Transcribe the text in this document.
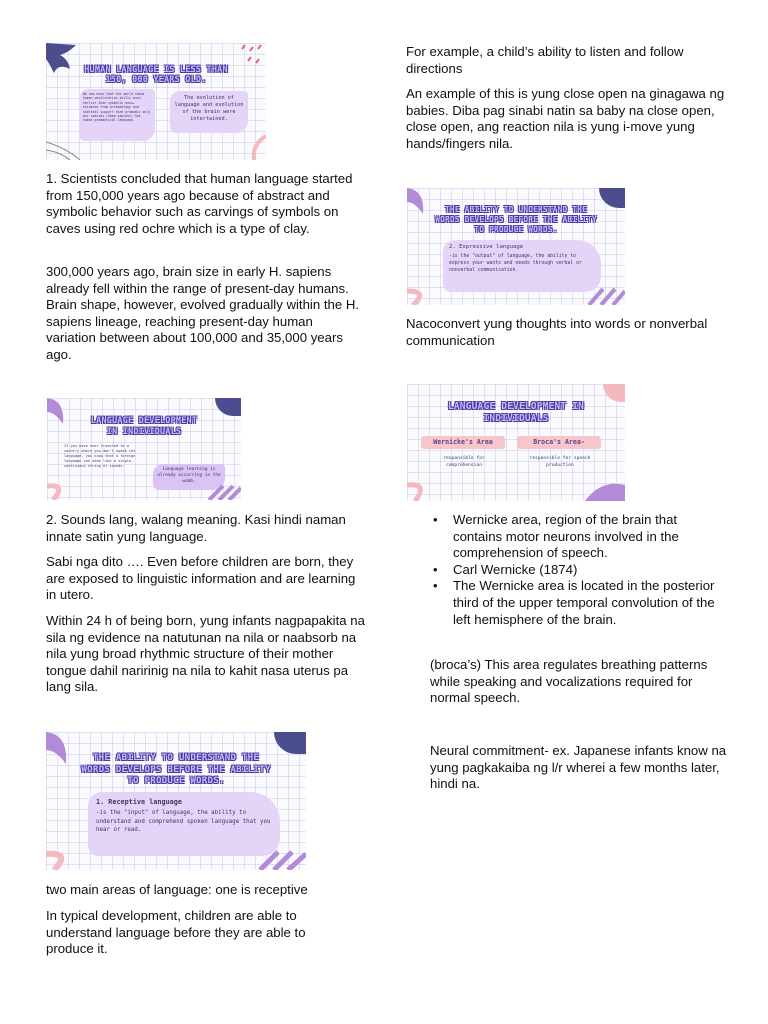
HUMAN LANGUAGE IS LESS THAN 150, 000 YEARS OLD.
We now know that the world shows human vocalization skills much earlier than symbolic ones… evidence from archaeology and skeletal support that probably only our species (Homo sapiens) has human grammatical language.
The evolution of language and evolution of the brain were intertwined.
LANGUAGE DEVELOPMENT IN INDIVIDUALS
If you have ever traveled to a country where you don't speak the language, you know that a foreign language can seem like a single, continuous string of sounds.
Language learning is already occurring in the womb.
THE ABILITY TO UNDERSTAND THE WORDS DEVELOPS BEFORE THE ABILITY TO PRODUCE WORDS.
1. Receptive language
-is the "input" of language, the ability to understand and comprehend spoken language that you hear or read.
THE ABILITY TO UNDERSTAND THE WORDS DEVELOPS BEFORE THE ABILITY TO PRODUCE WORDS.
2. Expressive language
-is the "output" of language, the ability to express your wants and needs through verbal or nonverbal communication.
LANGUAGE DEVELOPMENT IN INDIVIDUALS
Wernicke's Area	Broca's Area-
responsible for comprehension
responsible for speech production

1. Scientists concluded that human language started from 150,000 years ago because of abstract and symbolic behavior such as carvings of symbols on caves using red ochre which is a type of clay.

300,000 years ago, brain size in early H. sapiens already fell within the range of present-day humans. Brain shape, however, evolved gradually within the H. sapiens lineage, reaching present-day human variation between about 100,000 and 35,000 years ago.

2. Sounds lang, walang meaning. Kasi hindi naman innate satin yung language.

Sabi nga dito …. Even before children are born, they are exposed to linguistic information and are learning in utero.

Within 24 h of being born, yung infants nagpapakita na sila ng evidence na natutunan na nila or naabsorb na nila yung broad rhythmic structure of their mother tongue dahil naririnig na nila to kahit nasa uterus pa lang sila.

two main areas of language: one is receptive

In typical development, children are able to understand language before they are able to produce it.

For example, a child’s ability to listen and follow directions

An example of this is yung close open na ginagawa ng babies. Diba pag sinabi natin sa baby na close open, close open, ang reaction nila is yung i-move yung hands/fingers nila.

Nacoconvert yung thoughts into words or nonverbal communication

• Wernicke area, region of the brain that contains motor neurons involved in the comprehension of speech.
• Carl Wernicke (1874)
• The Wernicke area is located in the posterior third of the upper temporal convolution of the left hemisphere of the brain.

(broca’s) This area regulates breathing patterns while speaking and vocalizations required for normal speech.

Neural commitment- ex. Japanese infants know na yung pagkakaiba ng l/r wherei a few months later, hindi na.
